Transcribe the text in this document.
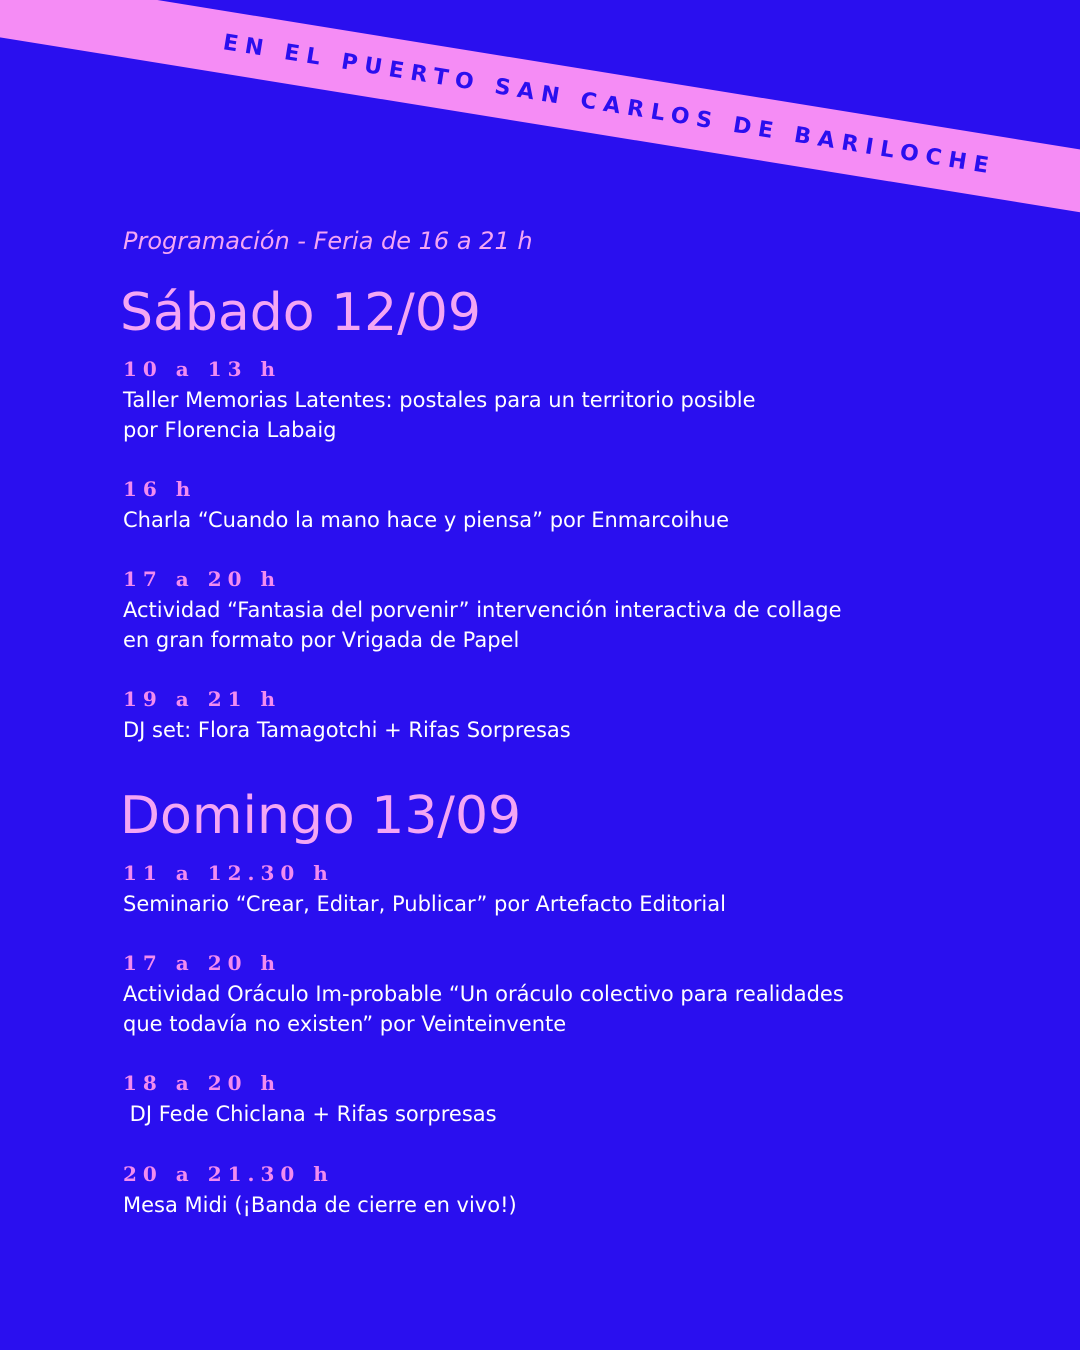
EN EL PUERTO SAN CARLOS DE BARILOCHE
Programación - Feria de 16 a 21 h
Sábado 12/09
10 a 13 h
Taller Memorias Latentes: postales para un territorio posible
por Florencia Labaig
16 h
Charla “Cuando la mano hace y piensa” por Enmarcoihue
17 a 20 h
Actividad “Fantasia del porvenir” intervención interactiva de collage
en gran formato por Vrigada de Papel
19 a 21 h
DJ set: Flora Tamagotchi + Rifas Sorpresas
Domingo 13/09
11 a 12.30 h
Seminario “Crear, Editar, Publicar” por Artefacto Editorial
17 a 20 h
Actividad Oráculo Im-probable “Un oráculo colectivo para realidades
que todavía no existen” por Veinteinvente
18 a 20 h
DJ Fede Chiclana + Rifas sorpresas
20 a 21.30 h
Mesa Midi (¡Banda de cierre en vivo!)
